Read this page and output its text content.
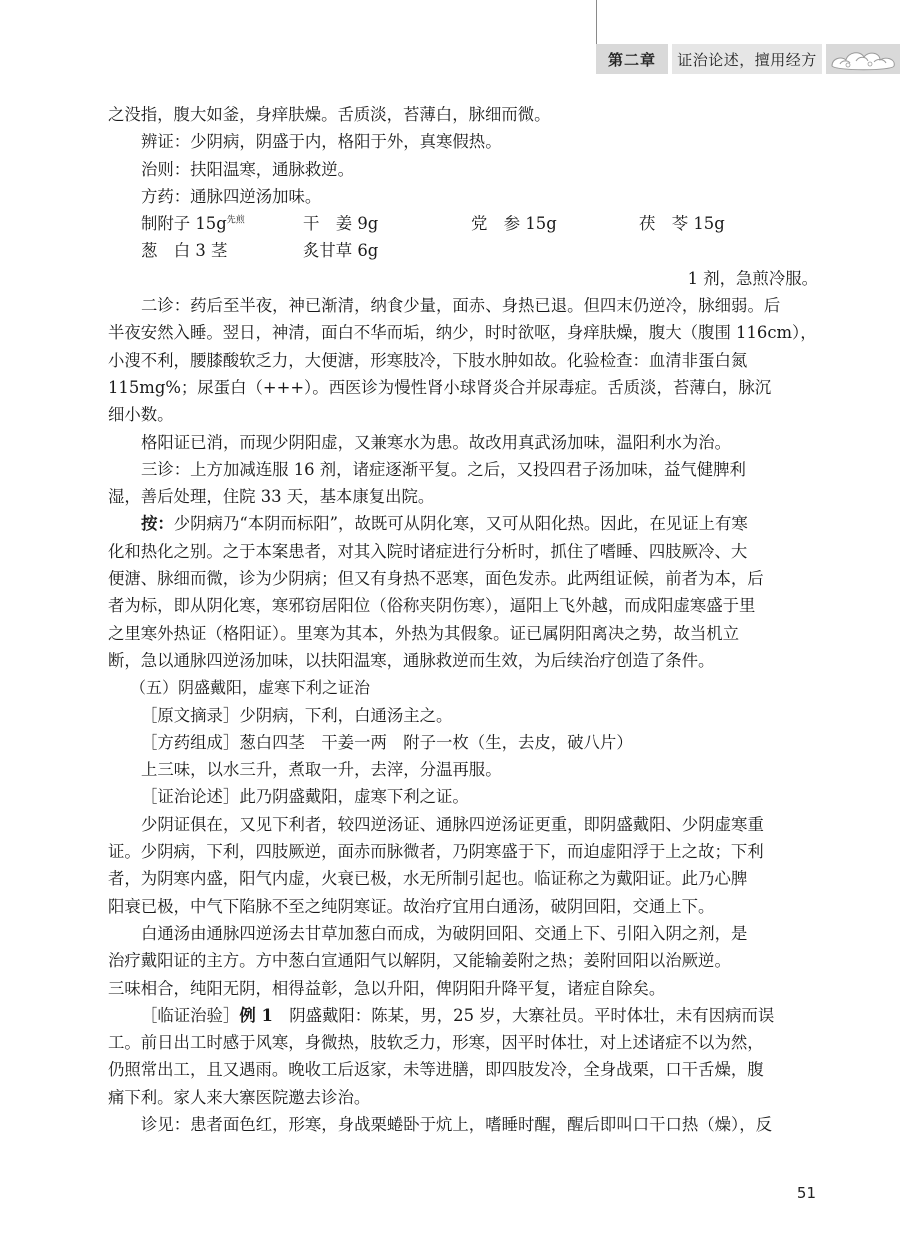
第二章	证治论述，擅用经方
之没指，腹大如釜，身痒肤燥。舌质淡，苔薄白，脉细而微。
辨证：少阴病，阴盛于内，格阳于外，真寒假热。
治则：扶阳温寒，通脉救逆。
方药：通脉四逆汤加味。
制附子 $15g^{先煎}$	干　姜 9g	党　参 15g	茯　苓 15g
葱　白 3 茎	炙甘草 6g
1 剂，急煎冷服。
二诊：药后至半夜，神已渐清，纳食少量，面赤、身热已退。但四末仍逆冷，脉细弱。后
半夜安然入睡。翌日，神清，面白不华而垢，纳少，时时欲呕，身痒肤燥，腹大（腹围 116cm），
小溲不利，腰膝酸软乏力，大便溏，形寒肢冷，下肢水肿如故。化验检查：血清非蛋白氮
115mg%；尿蛋白（+++）。西医诊为慢性肾小球肾炎合并尿毒症。舌质淡，苔薄白，脉沉
细小数。
格阳证已消，而现少阴阳虚，又兼寒水为患。故改用真武汤加味，温阳利水为治。
三诊：上方加减连服 16 剂，诸症逐渐平复。之后，又投四君子汤加味，益气健脾利
湿，善后处理，住院 33 天，基本康复出院。
按：少阴病乃“本阴而标阳”，故既可从阴化寒，又可从阳化热。因此，在见证上有寒
化和热化之别。之于本案患者，对其入院时诸症进行分析时，抓住了嗜睡、四肢厥冷、大
便溏、脉细而微，诊为少阴病；但又有身热不恶寒，面色发赤。此两组证候，前者为本，后
者为标，即从阴化寒，寒邪窃居阳位（俗称夹阴伤寒），逼阳上飞外越，而成阳虚寒盛于里
之里寒外热证（格阳证）。里寒为其本，外热为其假象。证已属阴阳离决之势，故当机立
断，急以通脉四逆汤加味，以扶阳温寒，通脉救逆而生效，为后续治疗创造了条件。
（五）阴盛戴阳，虚寒下利之证治
［原文摘录］少阴病，下利，白通汤主之。
［方药组成］葱白四茎　干姜一两　附子一枚（生，去皮，破八片）
上三味，以水三升，煮取一升，去滓，分温再服。
［证治论述］此乃阴盛戴阳，虚寒下利之证。
少阴证俱在，又见下利者，较四逆汤证、通脉四逆汤证更重，即阴盛戴阳、少阴虚寒重
证。少阴病，下利，四肢厥逆，面赤而脉微者，乃阴寒盛于下，而迫虚阳浮于上之故；下利
者，为阴寒内盛，阳气内虚，火衰已极，水无所制引起也。临证称之为戴阳证。此乃心脾
阳衰已极，中气下陷脉不至之纯阴寒证。故治疗宜用白通汤，破阴回阳，交通上下。
白通汤由通脉四逆汤去甘草加葱白而成，为破阴回阳、交通上下、引阳入阴之剂，是
治疗戴阳证的主方。方中葱白宣通阳气以解阴，又能输姜附之热；姜附回阳以治厥逆。
三味相合，纯阳无阴，相得益彰，急以升阳，俾阴阳升降平复，诸症自除矣。
［临证治验］例 1　阴盛戴阳：陈某，男，25 岁，大寨社员。平时体壮，未有因病而误
工。前日出工时感于风寒，身微热，肢软乏力，形寒，因平时体壮，对上述诸症不以为然，
仍照常出工，且又遇雨。晚收工后返家，未等进膳，即四肢发冷，全身战栗，口干舌燥，腹
痛下利。家人来大寨医院邀去诊治。
诊见：患者面色红，形寒，身战栗蜷卧于炕上，嗜睡时醒，醒后即叫口干口热（燥），反
51
